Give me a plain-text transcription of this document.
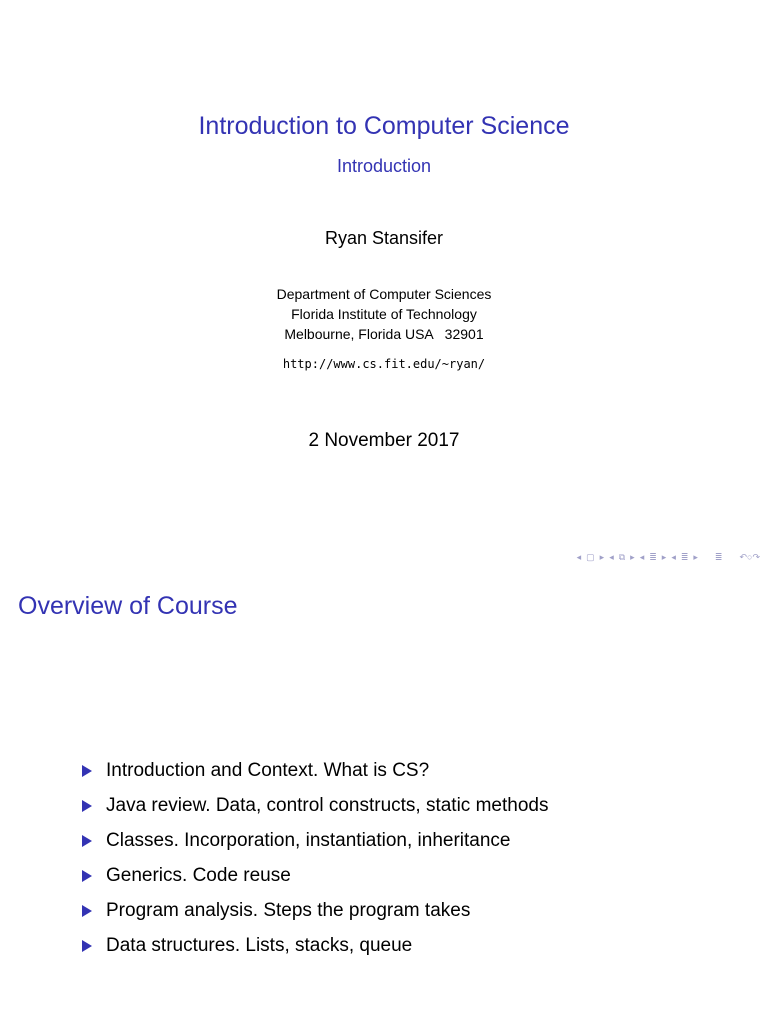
Introduction to Computer Science
Introduction
Ryan Stansifer
Department of Computer Sciences
Florida Institute of Technology
Melbourne, Florida USA   32901
http://www.cs.fit.edu/~ryan/
2 November 2017
◂ ▢ ▸ ◂ ⧉ ▸ ◂ ≣ ▸ ◂ ≣ ▸ ≣ ↶○↷
Overview of Course
Introduction and Context. What is CS?
Java review. Data, control constructs, static methods
Classes. Incorporation, instantiation, inheritance
Generics. Code reuse
Program analysis. Steps the program takes
Data structures. Lists, stacks, queue
